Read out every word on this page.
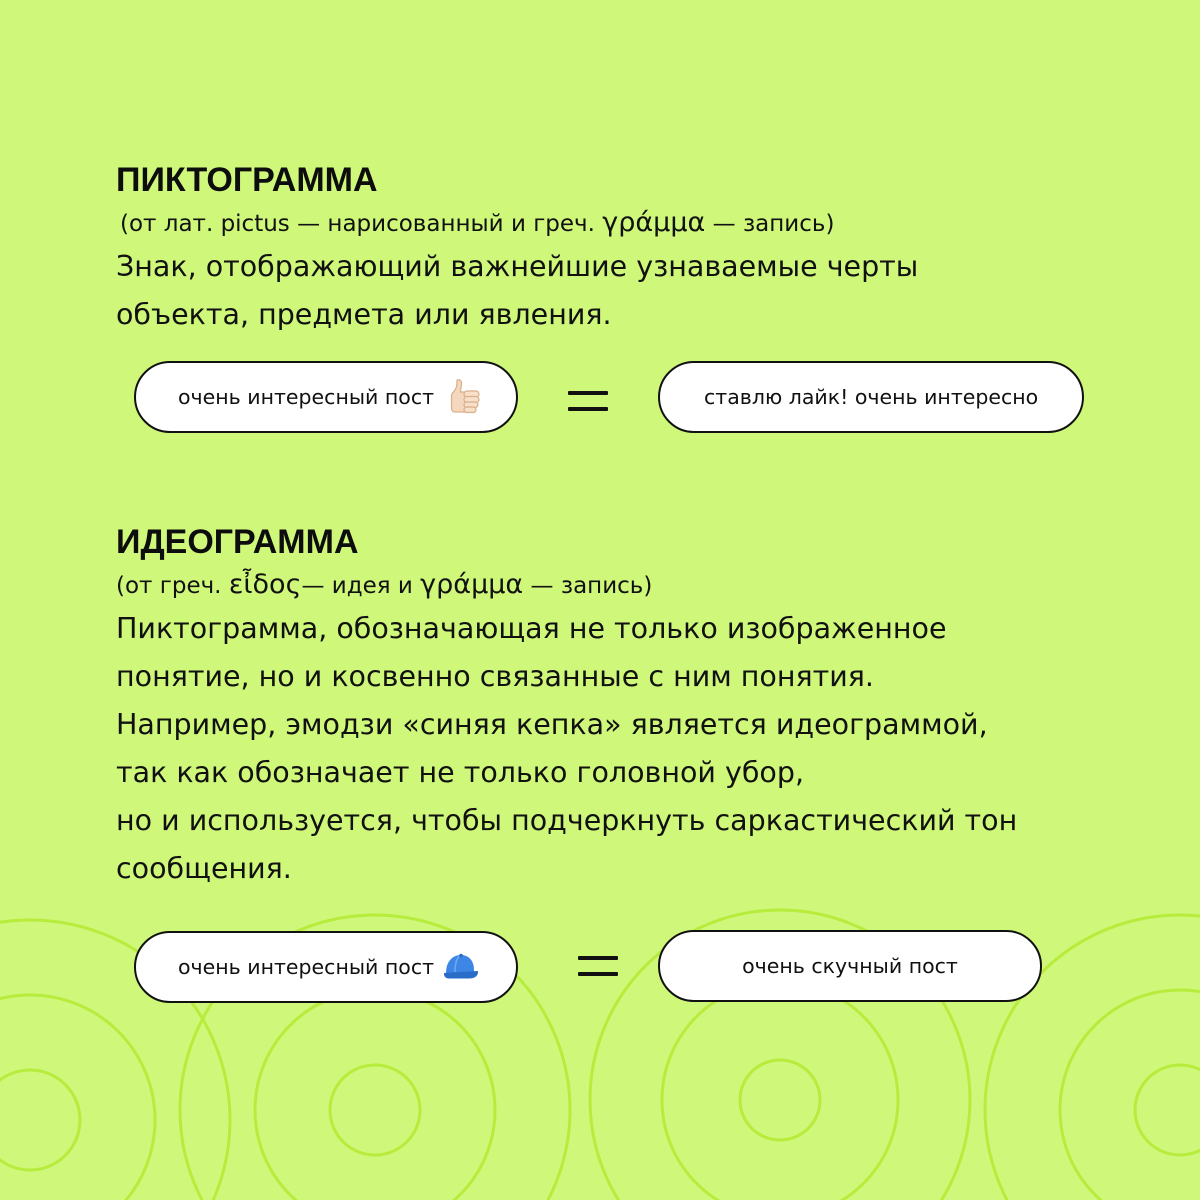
ПИКТОГРАММА

(от лат. pictus — нарисованный и греч. γράμμα — запись)

Знак, отображающий важнейшие узнаваемые черты
объекта, предмета или явления.
очень интересный пост	ставлю лайк! очень интересно
ИДЕОГРАММА

(от греч. εἶδος— идея и γράμμα — запись)

Пиктограмма, обозначающая не только изображенное
понятие, но и косвенно связанные с ним понятия.
Например, эмодзи «синяя кепка» является идеограммой,
так как обозначает не только головной убор,
но и используется, чтобы подчеркнуть саркастический тон
сообщения.
очень интересный пост	очень скучный пост
